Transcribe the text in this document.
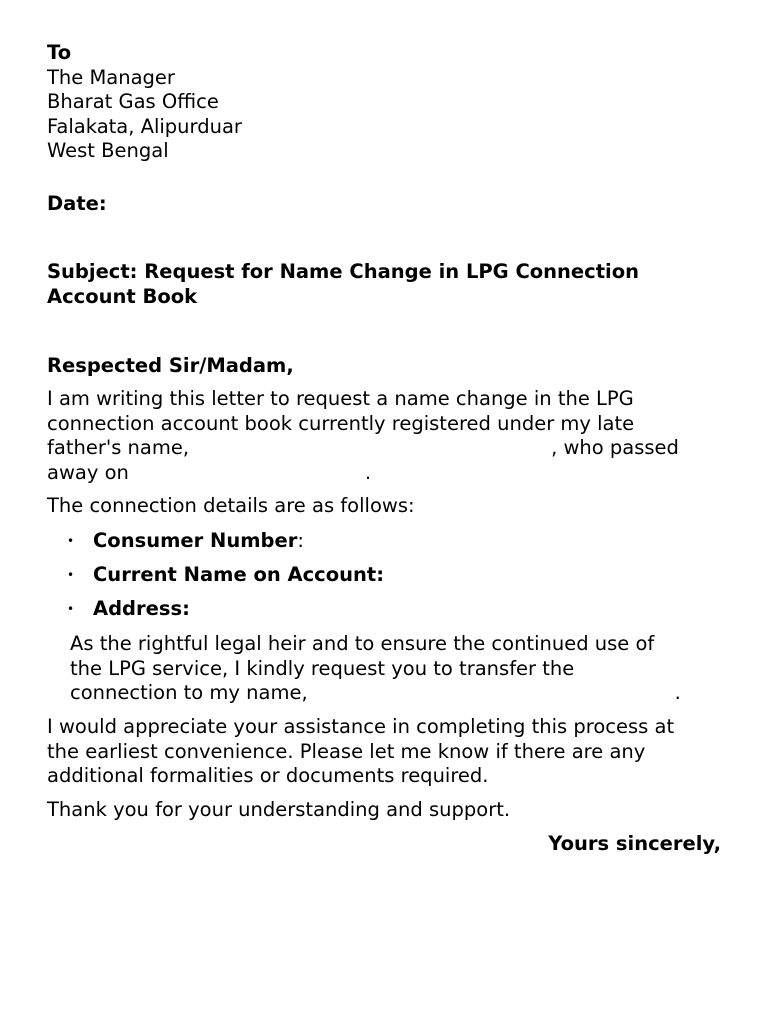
To
The Manager
Bharat Gas Office
Falakata, Alipurduar
West Bengal
Date:
Subject: Request for Name Change in LPG Connection
Account Book
Respected Sir/Madam,
I am writing this letter to request a name change in the LPG
connection account book currently registered under my late
father's name,	, who passed
away on	.
The connection details are as follows:
• Consumer Number:
• Current Name on Account:
• Address:
As the rightful legal heir and to ensure the continued use of
the LPG service, I kindly request you to transfer the
connection to my name,	.
I would appreciate your assistance in completing this process at
the earliest convenience. Please let me know if there are any
additional formalities or documents required.
Thank you for your understanding and support.
Yours sincerely,
